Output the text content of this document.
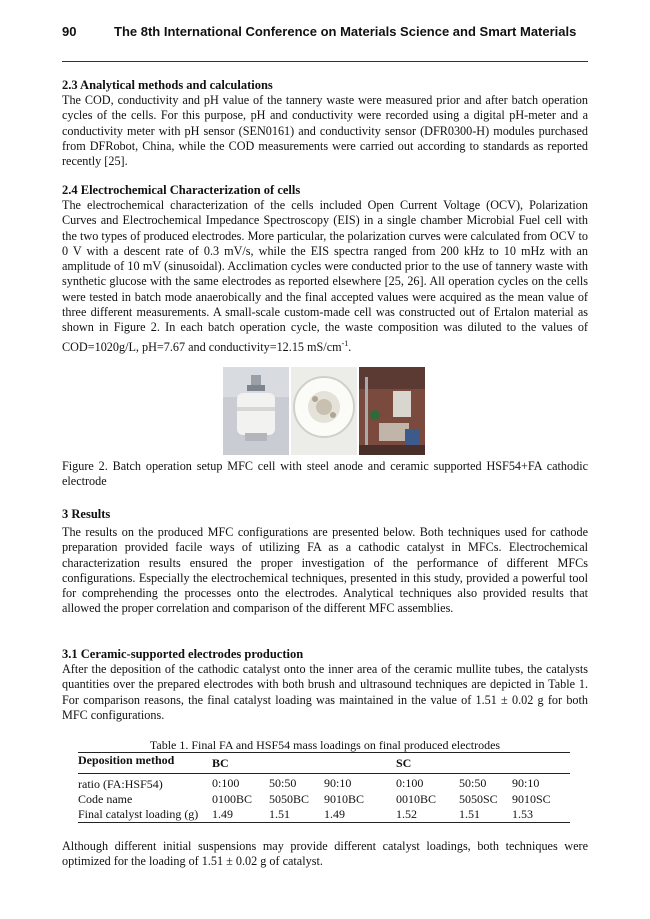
90	The 8th International Conference on Materials Science and Smart Materials
2.3 Analytical methods and calculations

The COD, conductivity and pH value of the tannery waste were measured prior and after batch operation cycles of the cells. For this purpose, pH and conductivity were recorded using a digital pH-meter and a conductivity meter with pH sensor (SEN0161) and conductivity sensor (DFR0300-H) modules purchased from DFRobot, China, while the COD measurements were carried out according to standards as reported recently [25].

2.4 Electrochemical Characterization of cells

The electrochemical characterization of the cells included Open Current Voltage (OCV), Polarization Curves and Electrochemical Impedance Spectroscopy (EIS) in a single chamber Microbial Fuel cell with the two types of produced electrodes. More particular, the polarization curves were calculated from OCV to 0 V with a descent rate of 0.3 mV/s, while the EIS spectra ranged from 200 kHz to 10 mHz with an amplitude of 10 mV (sinusoidal). Acclimation cycles were conducted prior to the use of tannery waste with synthetic glucose with the same electrodes as reported elsewhere [25, 26]. All operation cycles on the cells were tested in batch mode anaerobically and the final accepted values were acquired as the mean value of three different measurements. A small-scale custom-made cell was constructed out of Ertalon material as shown in Figure 2. In each batch operation cycle, the waste composition was diluted to the values of COD=1020g/L, pH=7.67 and conductivity=12.15 $mS/cm^{-1}$.

Figure 2. Batch operation setup MFC cell with steel anode and ceramic supported HSF54+FA cathodic electrode
3 Results

The results on the produced MFC configurations are presented below. Both techniques used for cathode preparation provided facile ways of utilizing FA as a cathodic catalyst in MFCs. Electrochemical characterization results ensured the proper investigation of the performance of different MFCs configurations. Especially the electrochemical techniques, presented in this study, provided a powerful tool for comprehending the processes onto the electrodes. Analytical techniques also provided results that allowed the proper correlation and comparison of the different MFC assemblies.

3.1 Ceramic-supported electrodes production

After the deposition of the cathodic catalyst onto the inner area of the ceramic mullite tubes, the catalysts quantities over the prepared electrodes with both brush and ultrasound techniques are depicted in Table 1. For comparison reasons, the final catalyst loading was maintained in the value of 1.51 ± 0.02 g for both MFC configurations.

Table 1. Final FA and HSF54 mass loadings on final produced electrodes
Deposition method	BC			SC		
ratio (FA:HSF54)	0:100	50:50	90:10	0:100	50:50	90:10
Code name	0100BC	5050BC	9010BC	0010BC	5050SC	9010SC
Final catalyst loading (g)	1.49	1.51	1.49	1.52	1.51	1.53

Although different initial suspensions may provide different catalyst loadings, both techniques were optimized for the loading of 1.51 ± 0.02 g of catalyst.
